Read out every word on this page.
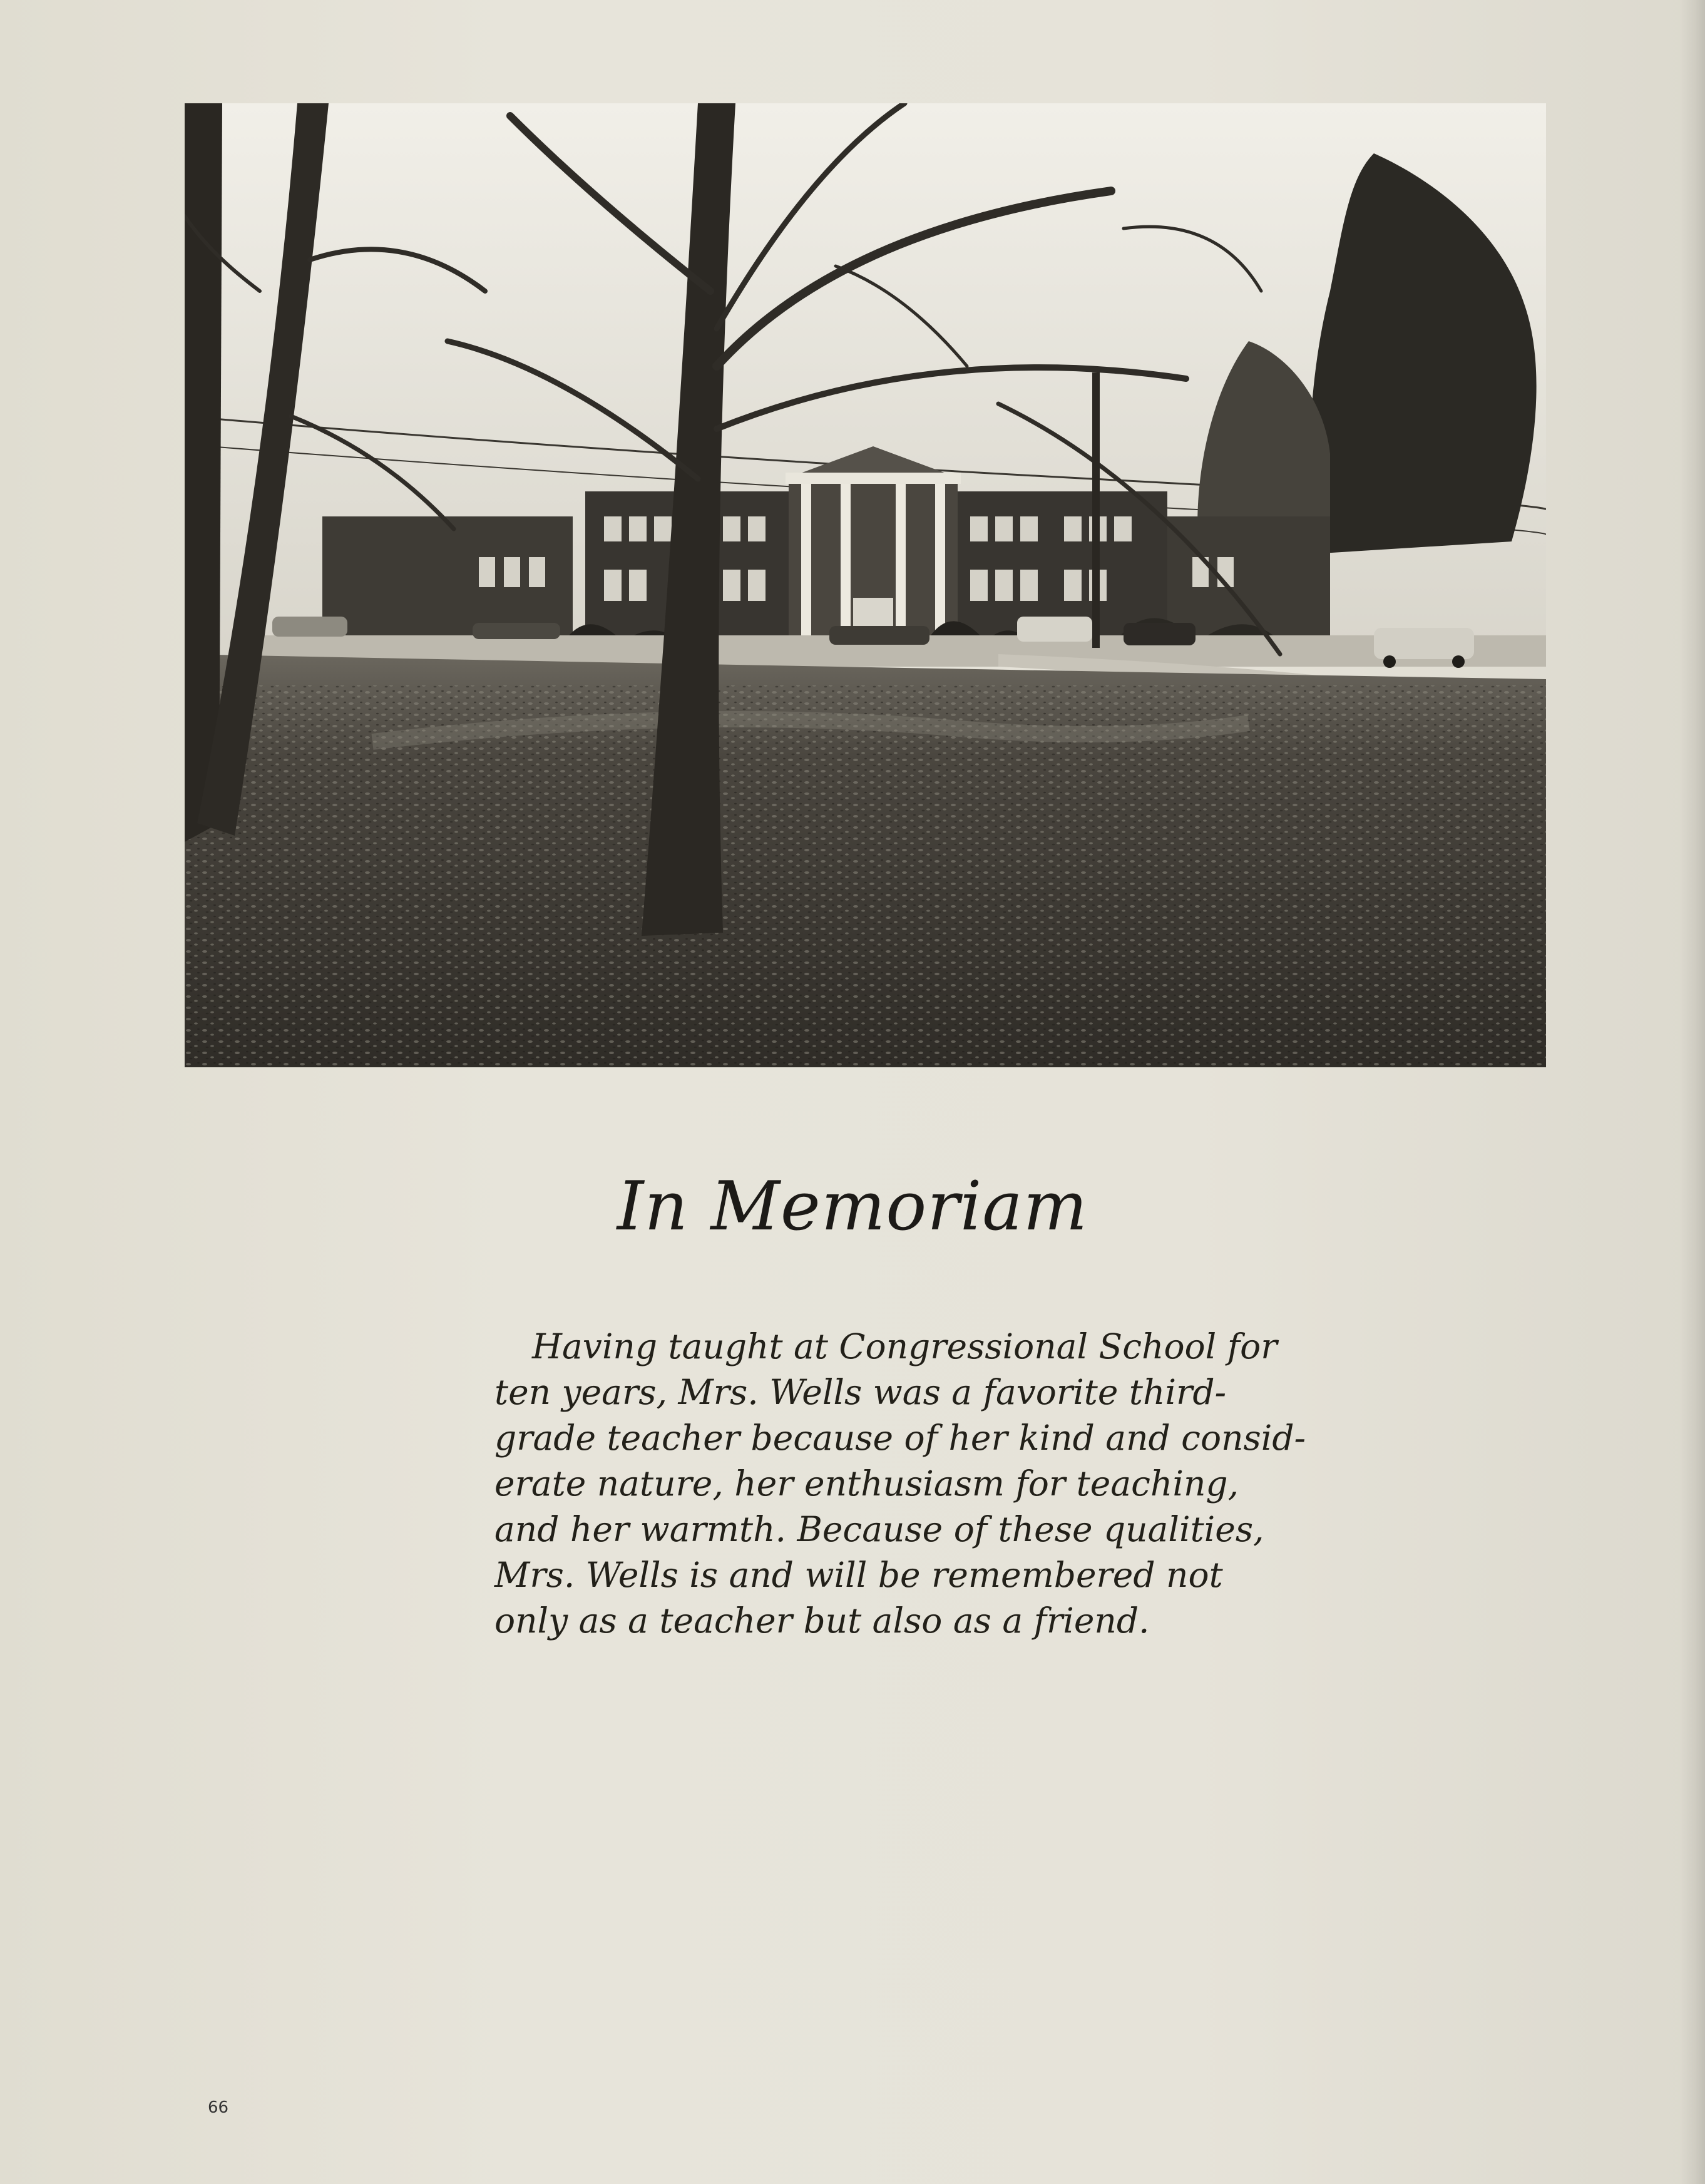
In Memoriam
Having taught at Congressional School for
ten years, Mrs. Wells was a favorite third-
grade teacher because of her kind and consid-
erate nature, her enthusiasm for teaching,
and her warmth. Because of these qualities,
Mrs. Wells is and will be remembered not
only as a teacher but also as a friend.
66
